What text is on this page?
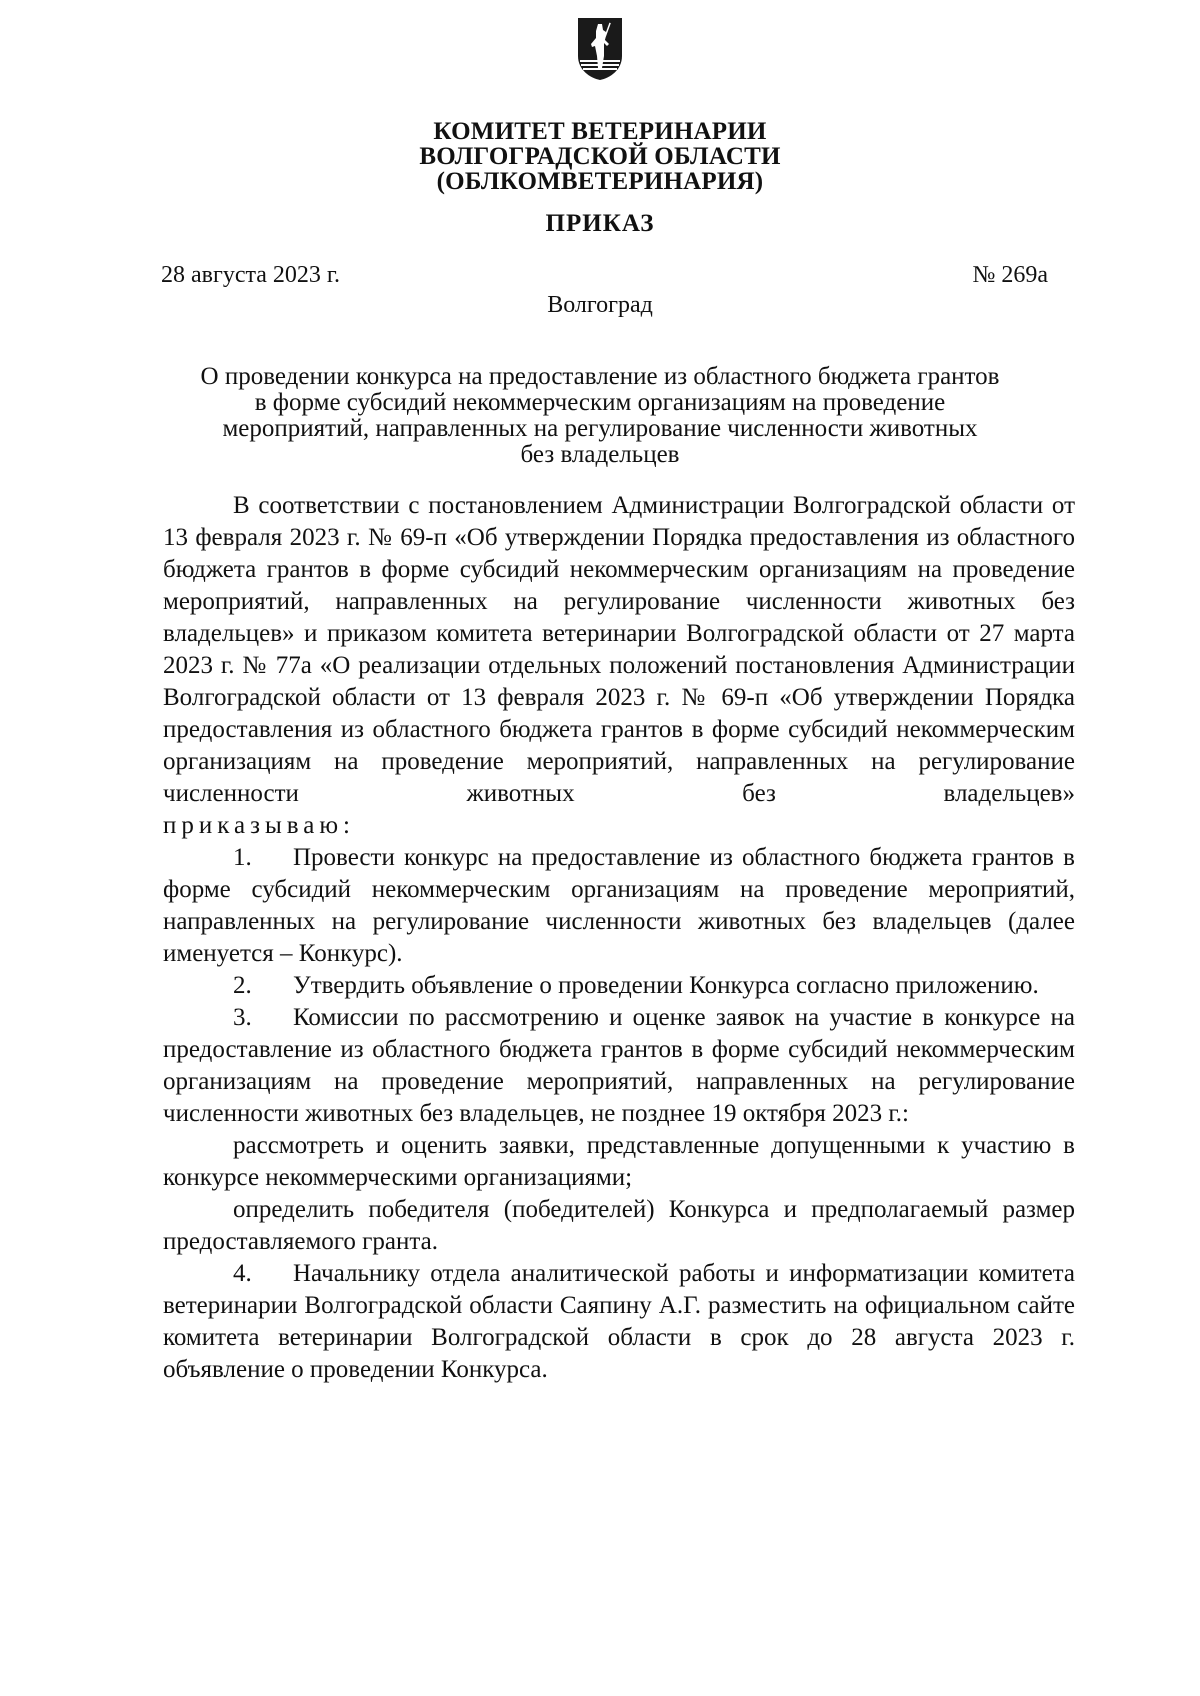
КОМИТЕТ ВЕТЕРИНАРИИ
ВОЛГОГРАДСКОЙ ОБЛАСТИ
(ОБЛКОМВЕТЕРИНАРИЯ)
ПРИКАЗ
28 августа 2023 г.	№ 269а
Волгоград
О проведении конкурса на предоставление из областного бюджета грантов
в форме субсидий некоммерческим организациям на проведение
мероприятий, направленных на регулирование численности животных
без владельцев

В соответствии с постановлением Администрации Волгоградской области от 13 февраля 2023 г. № 69-п «Об утверждении Порядка предоставления из областного бюджета грантов в форме субсидий некоммерческим организациям на проведение мероприятий, направленных на регулирование численности животных без владельцев» и приказом комитета ветеринарии Волгоградской области от 27 марта 2023 г. № 77а «О реализации отдельных положений постановления Администрации Волгоградской области от 13 февраля 2023 г. № 69-п «Об утверждении Порядка предоставления из областного бюджета грантов в форме субсидий некоммерческим организациям на проведение мероприятий, направленных на регулирование численности животных без владельцев»

приказываю:

1. Провести конкурс на предоставление из областного бюджета грантов в форме субсидий некоммерческим организациям на проведение мероприятий, направленных на регулирование численности животных без владельцев (далее именуется – Конкурс).

2. Утвердить объявление о проведении Конкурса согласно приложению.

3. Комиссии по рассмотрению и оценке заявок на участие в конкурсе на предоставление из областного бюджета грантов в форме субсидий некоммерческим организациям на проведение мероприятий, направленных на регулирование численности животных без владельцев, не позднее 19 октября 2023 г.:

рассмотреть и оценить заявки, представленные допущенными к участию в конкурсе некоммерческими организациями;

определить победителя (победителей) Конкурса и предполагаемый размер предоставляемого гранта.

4. Начальнику отдела аналитической работы и информатизации комитета ветеринарии Волгоградской области Саяпину А.Г. разместить на официальном сайте комитета ветеринарии Волгоградской области в срок до 28 августа 2023 г. объявление о проведении Конкурса.
